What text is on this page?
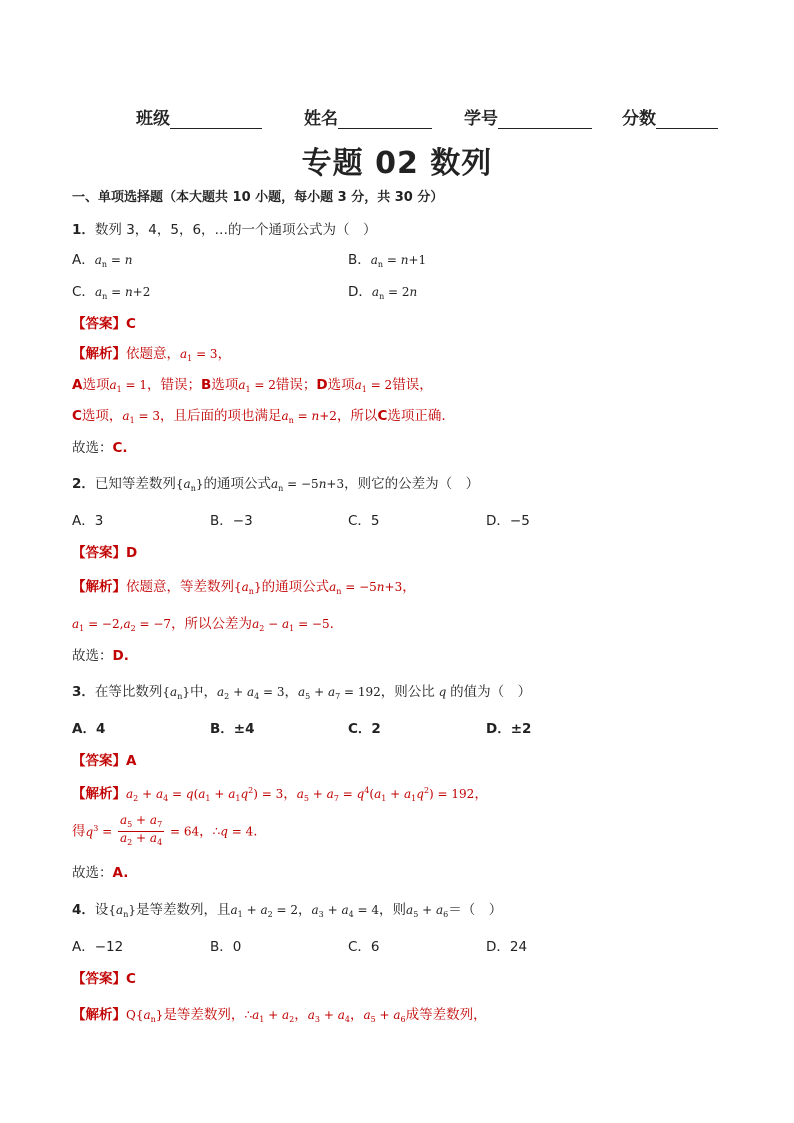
班级	姓名	学号	分数
专题 02 数列
一、单项选择题（本大题共 10 小题，每小题 3 分，共 30 分）
1．数列 3，4，5，6，…的一个通项公式为（　）
A．$a_n = n$	B．$a_n = n+1$
C．$a_n = n+2$	D．$a_n = 2n$
【答案】C
【解析】依题意，$a_1 = 3$，
A选项$a_1 = 1$，错误；B选项$a_1 = 2$错误；D选项$a_1 = 2$错误，
C选项，$a_1 = 3$，且后面的项也满足$a_n = n+2$，所以C选项正确.
故选：C.
2．已知等差数列$\{a_n\}$的通项公式$a_n = -5n+3$，则它的公差为（　）
A．3	B．−3	C．5	D．−5
【答案】D
【解析】依题意，等差数列$\{a_n\}$的通项公式$a_n = -5n+3$，
$a_1 = -2,a_2 = -7$，所以公差为$a_2 - a_1 = -5$.
故选：D.
3．在等比数列$\{a_n\}$中，$a_2 + a_4 = 3$，$a_5 + a_7 = 192$，则公比 q 的值为（　）
A．4	B．±4	C．2	D．±2
【答案】A
【解析】$a_2 + a_4 = q(a_1 + a_1q^2) = 3$，$a_5 + a_7 = q^4(a_1 + a_1q^2) = 192$，
得$q^3 = \frac{a_5 + a_7}{a_2 + a_4} = 64$，∴q = 4.
故选：A.
4．设$\{a_n\}$是等差数列，且$a_1 + a_2 = 2$，$a_3 + a_4 = 4$，则$a_5 + a_6=$（　）
A．−12	B．0	C．6	D．24
【答案】C
【解析】$Q\{a_n\}$是等差数列，$\therefore a_1 + a_2$，$a_3 + a_4$，$a_5 + a_6$成等差数列，
